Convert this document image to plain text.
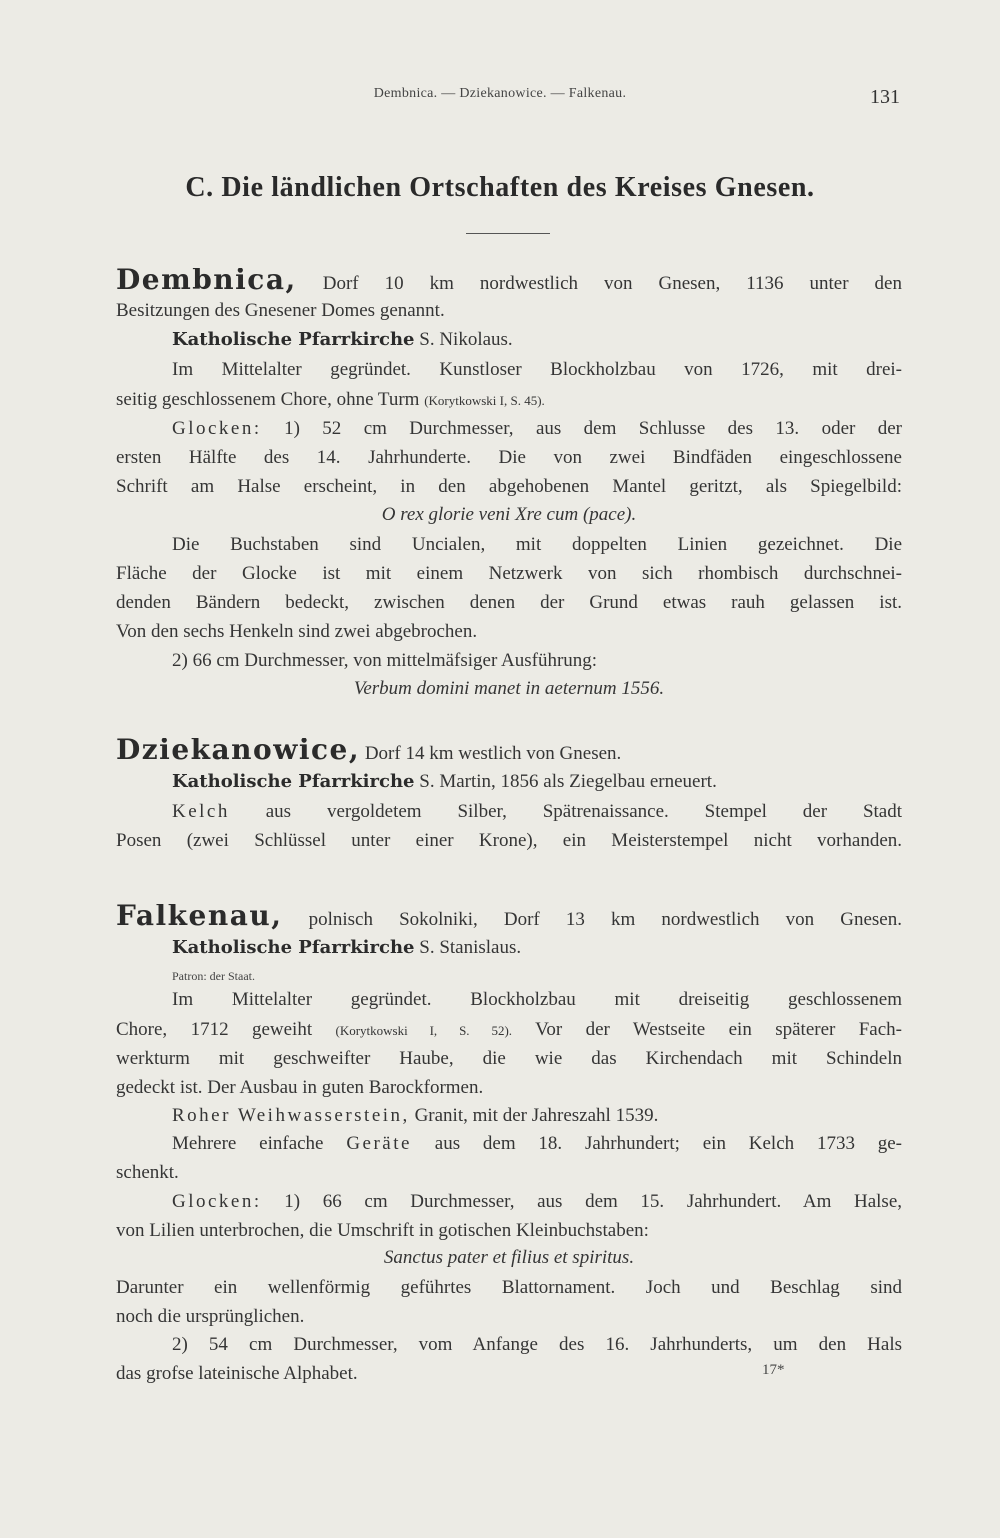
Dembnica. — Dziekanowice. — Falkenau.	131
C. Die ländlichen Ortschaften des Kreises Gnesen.
Dembnica, Dorf 10 km nordwestlich von Gnesen, 1136 unter den
Besitzungen des Gnesener Domes genannt.
Katholische Pfarrkirche S. Nikolaus.
Im Mittelalter gegründet. Kunstloser Blockholzbau von 1726, mit drei-
seitig geschlossenem Chore, ohne Turm (Korytkowski I, S. 45).
Glocken: 1) 52 cm Durchmesser, aus dem Schlusse des 13. oder der
ersten Hälfte des 14. Jahrhunderte. Die von zwei Bindfäden eingeschlossene
Schrift am Halse erscheint, in den abgehobenen Mantel geritzt, als Spiegelbild:
O rex glorie veni Xre cum (pace).
Die Buchstaben sind Uncialen, mit doppelten Linien gezeichnet. Die
Fläche der Glocke ist mit einem Netzwerk von sich rhombisch durchschnei-
denden Bändern bedeckt, zwischen denen der Grund etwas rauh gelassen ist.
Von den sechs Henkeln sind zwei abgebrochen.
2) 66 cm Durchmesser, von mittelmäfsiger Ausführung:
Verbum domini manet in aeternum 1556.
Dziekanowice, Dorf 14 km westlich von Gnesen.
Katholische Pfarrkirche S. Martin, 1856 als Ziegelbau erneuert.
Kelch aus vergoldetem Silber, Spätrenaissance. Stempel der Stadt
Posen (zwei Schlüssel unter einer Krone), ein Meisterstempel nicht vorhanden.
Falkenau, polnisch Sokolniki, Dorf 13 km nordwestlich von Gnesen.
Katholische Pfarrkirche S. Stanislaus.
Patron: der Staat.
Im Mittelalter gegründet. Blockholzbau mit dreiseitig geschlossenem
Chore, 1712 geweiht (Korytkowski I, S. 52). Vor der Westseite ein späterer Fach-
werkturm mit geschweifter Haube, die wie das Kirchendach mit Schindeln
gedeckt ist. Der Ausbau in guten Barockformen.
Roher Weihwasserstein, Granit, mit der Jahreszahl 1539.
Mehrere einfache Geräte aus dem 18. Jahrhundert; ein Kelch 1733 ge-
schenkt.
Glocken: 1) 66 cm Durchmesser, aus dem 15. Jahrhundert. Am Halse,
von Lilien unterbrochen, die Umschrift in gotischen Kleinbuchstaben:
Sanctus pater et filius et spiritus.
Darunter ein wellenförmig geführtes Blattornament. Joch und Beschlag sind
noch die ursprünglichen.
2) 54 cm Durchmesser, vom Anfange des 16. Jahrhunderts, um den Hals
das grofse lateinische Alphabet.	17*
